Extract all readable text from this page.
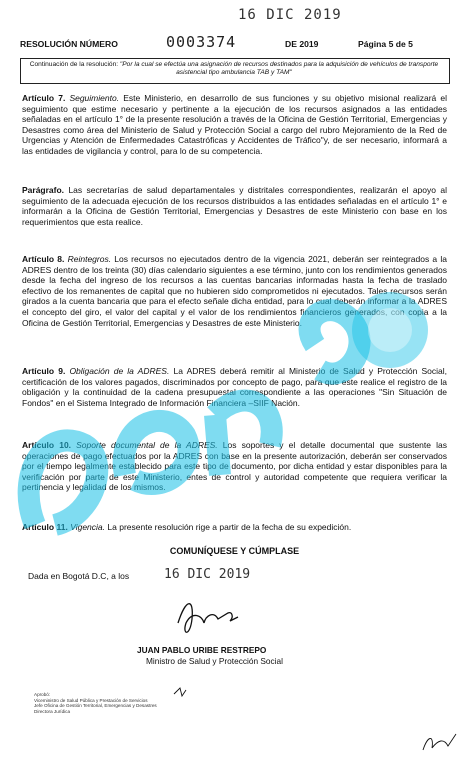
16 DIC 2019
RESOLUCIÓN NÚMERO	0003374	DE 2019	Página 5 de 5
Continuación de la resolución: "Por la cual se efectúa una asignación de recursos destinados para la adquisición de vehículos de transporte asistencial tipo ambulancia TAB y TAM"
Artículo 7. Seguimiento. Este Ministerio, en desarrollo de sus funciones y su objetivo misional realizará el seguimiento que estime necesario y pertinente a la ejecución de los recursos asignados a las entidades señaladas en el artículo 1° de la presente resolución a través de la Oficina de Gestión Territorial, Emergencias y Desastres como área del Ministerio de Salud y Protección Social a cargo del rubro Mejoramiento de la Red de Urgencias y Atención de Enfermedades Catastróficas y Accidentes de Tráfico"y, de ser necesario, informará a las entidades de vigilancia y control, para lo de su competencia.
Parágrafo. Las secretarías de salud departamentales y distritales correspondientes, realizarán el apoyo al seguimiento de la adecuada ejecución de los recursos distribuidos a las entidades señaladas en el artículo 1° e informarán a la Oficina de Gestión Territorial, Emergencias y Desastres de este Ministerio con base en los requerimientos que esta realice.
Artículo 8. Reintegros. Los recursos no ejecutados dentro de la vigencia 2021, deberán ser reintegrados a la ADRES dentro de los treinta (30) días calendario siguientes a ese término, junto con los rendimientos generados desde la fecha del ingreso de los recursos a las cuentas bancarias informadas hasta la fecha de traslado efectivo de los remanentes de capital que no hubieren sido comprometidos ni ejecutados. Tales recursos serán girados a la cuenta bancaria que para el efecto señale dicha entidad, para lo cual deberán informar a la ADRES el concepto del giro, el valor del capital y el valor de los rendimientos financieros generados, con copia a la Oficina de Gestión Territorial, Emergencias y Desastres de este Ministerio.
Artículo 9. Obligación de la ADRES. La ADRES deberá remitir al Ministerio de Salud y Protección Social, certificación de los valores pagados, discriminados por concepto de pago, para que este realice el registro de la obligación y la continuidad de la cadena presupuestal correspondiente a las operaciones "Sin Situación de Fondos" en el Sistema Integrado de Información Financiera –SIIF Nación.
Artículo 10. Soporte documental de la ADRES. Los soportes y el detalle documental que sustente las operaciones de pago efectuados por la ADRES con base en la presente autorización, deberán ser conservados por el tiempo legalmente establecido para este tipo de documento, por dicha entidad y estar disponibles para la verificación por parte de este Ministerio, entes de control y autoridad competente que requiera verificar la pertinencia y legalidad de los mismos.
Artículo 11. Vigencia. La presente resolución rige a partir de la fecha de su expedición.
COMUNÍQUESE Y CÚMPLASE
Dada en Bogotá D.C, a los	16 DIC 2019
JUAN PABLO URIBE RESTREPO
Ministro de Salud y Protección Social
Aprobó:
Viceministro de Salud Pública y Prestación de Servicios
Jefe Oficina de Gestión Territorial, Emergencias y Desastres
Directora Jurídica
